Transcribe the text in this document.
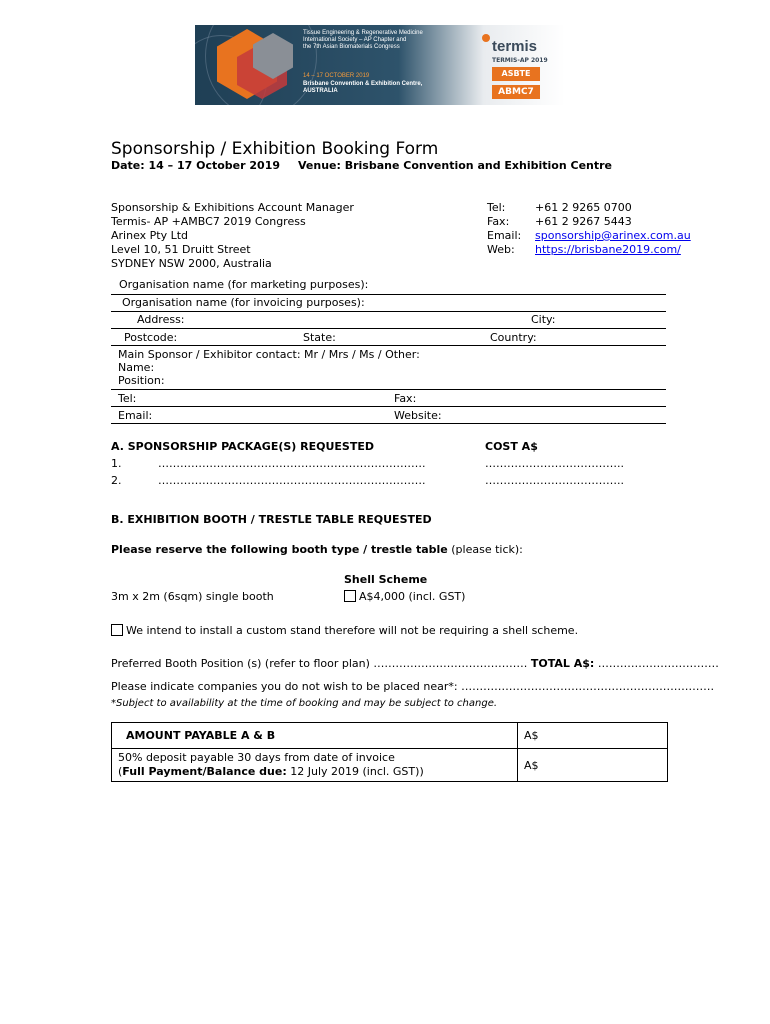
Tissue Engineering & Regenerative Medicine
International Society – AP Chapter and
the 7th Asian Biomaterials Congress
14 – 17 OCTOBER 2019
Brisbane Convention & Exhibition Centre,
AUSTRALIA
termis
TERMIS-AP 2019
ASBTE
ABMC7
Sponsorship / Exhibition Booking Form
Date: 14 – 17 October 2019 Venue: Brisbane Convention and Exhibition Centre
Sponsorship & Exhibitions Account Manager
Termis- AP +AMBC7 2019 Congress
Arinex Pty Ltd
Level 10, 51 Druitt Street
SYDNEY NSW 2000, Australia
Tel:	+61 2 9265 0700
Fax: +61 2 9267 5443
Email: sponsorship@arinex.com.au
Web: https://brisbane2019.com/
Organisation name (for marketing purposes):
Organisation name (for invoicing purposes):
Address:	City:
Postcode:	State:	Country:
Main Sponsor / Exhibitor contact: Mr / Mrs / Ms / Other:
Name:
Position:
Tel:	Fax:
Email:	Website:
A. SPONSORSHIP PACKAGE(S) REQUESTED	COST A$
1.	……………………………………………………………….	………………………………..
2.	……………………………………………………………….	………………………………..
B. EXHIBITION BOOTH / TRESTLE TABLE REQUESTED
Please reserve the following booth type / trestle table (please tick):
Shell Scheme
3m x 2m (6sqm) single booth	A$4,000 (incl. GST)
We intend to install a custom stand therefore will not be requiring a shell scheme.
Preferred Booth Position (s) (refer to floor plan) …………………………………… TOTAL A$: ……………………………
Please indicate companies you do not wish to be placed near*: ……………………………………………………………
*Subject to availability at the time of booking and may be subject to change.
AMOUNT PAYABLE A & B	A$
50% deposit payable 30 days from date of invoice
(Full Payment/Balance due: 12 July 2019 (incl. GST))	A$
